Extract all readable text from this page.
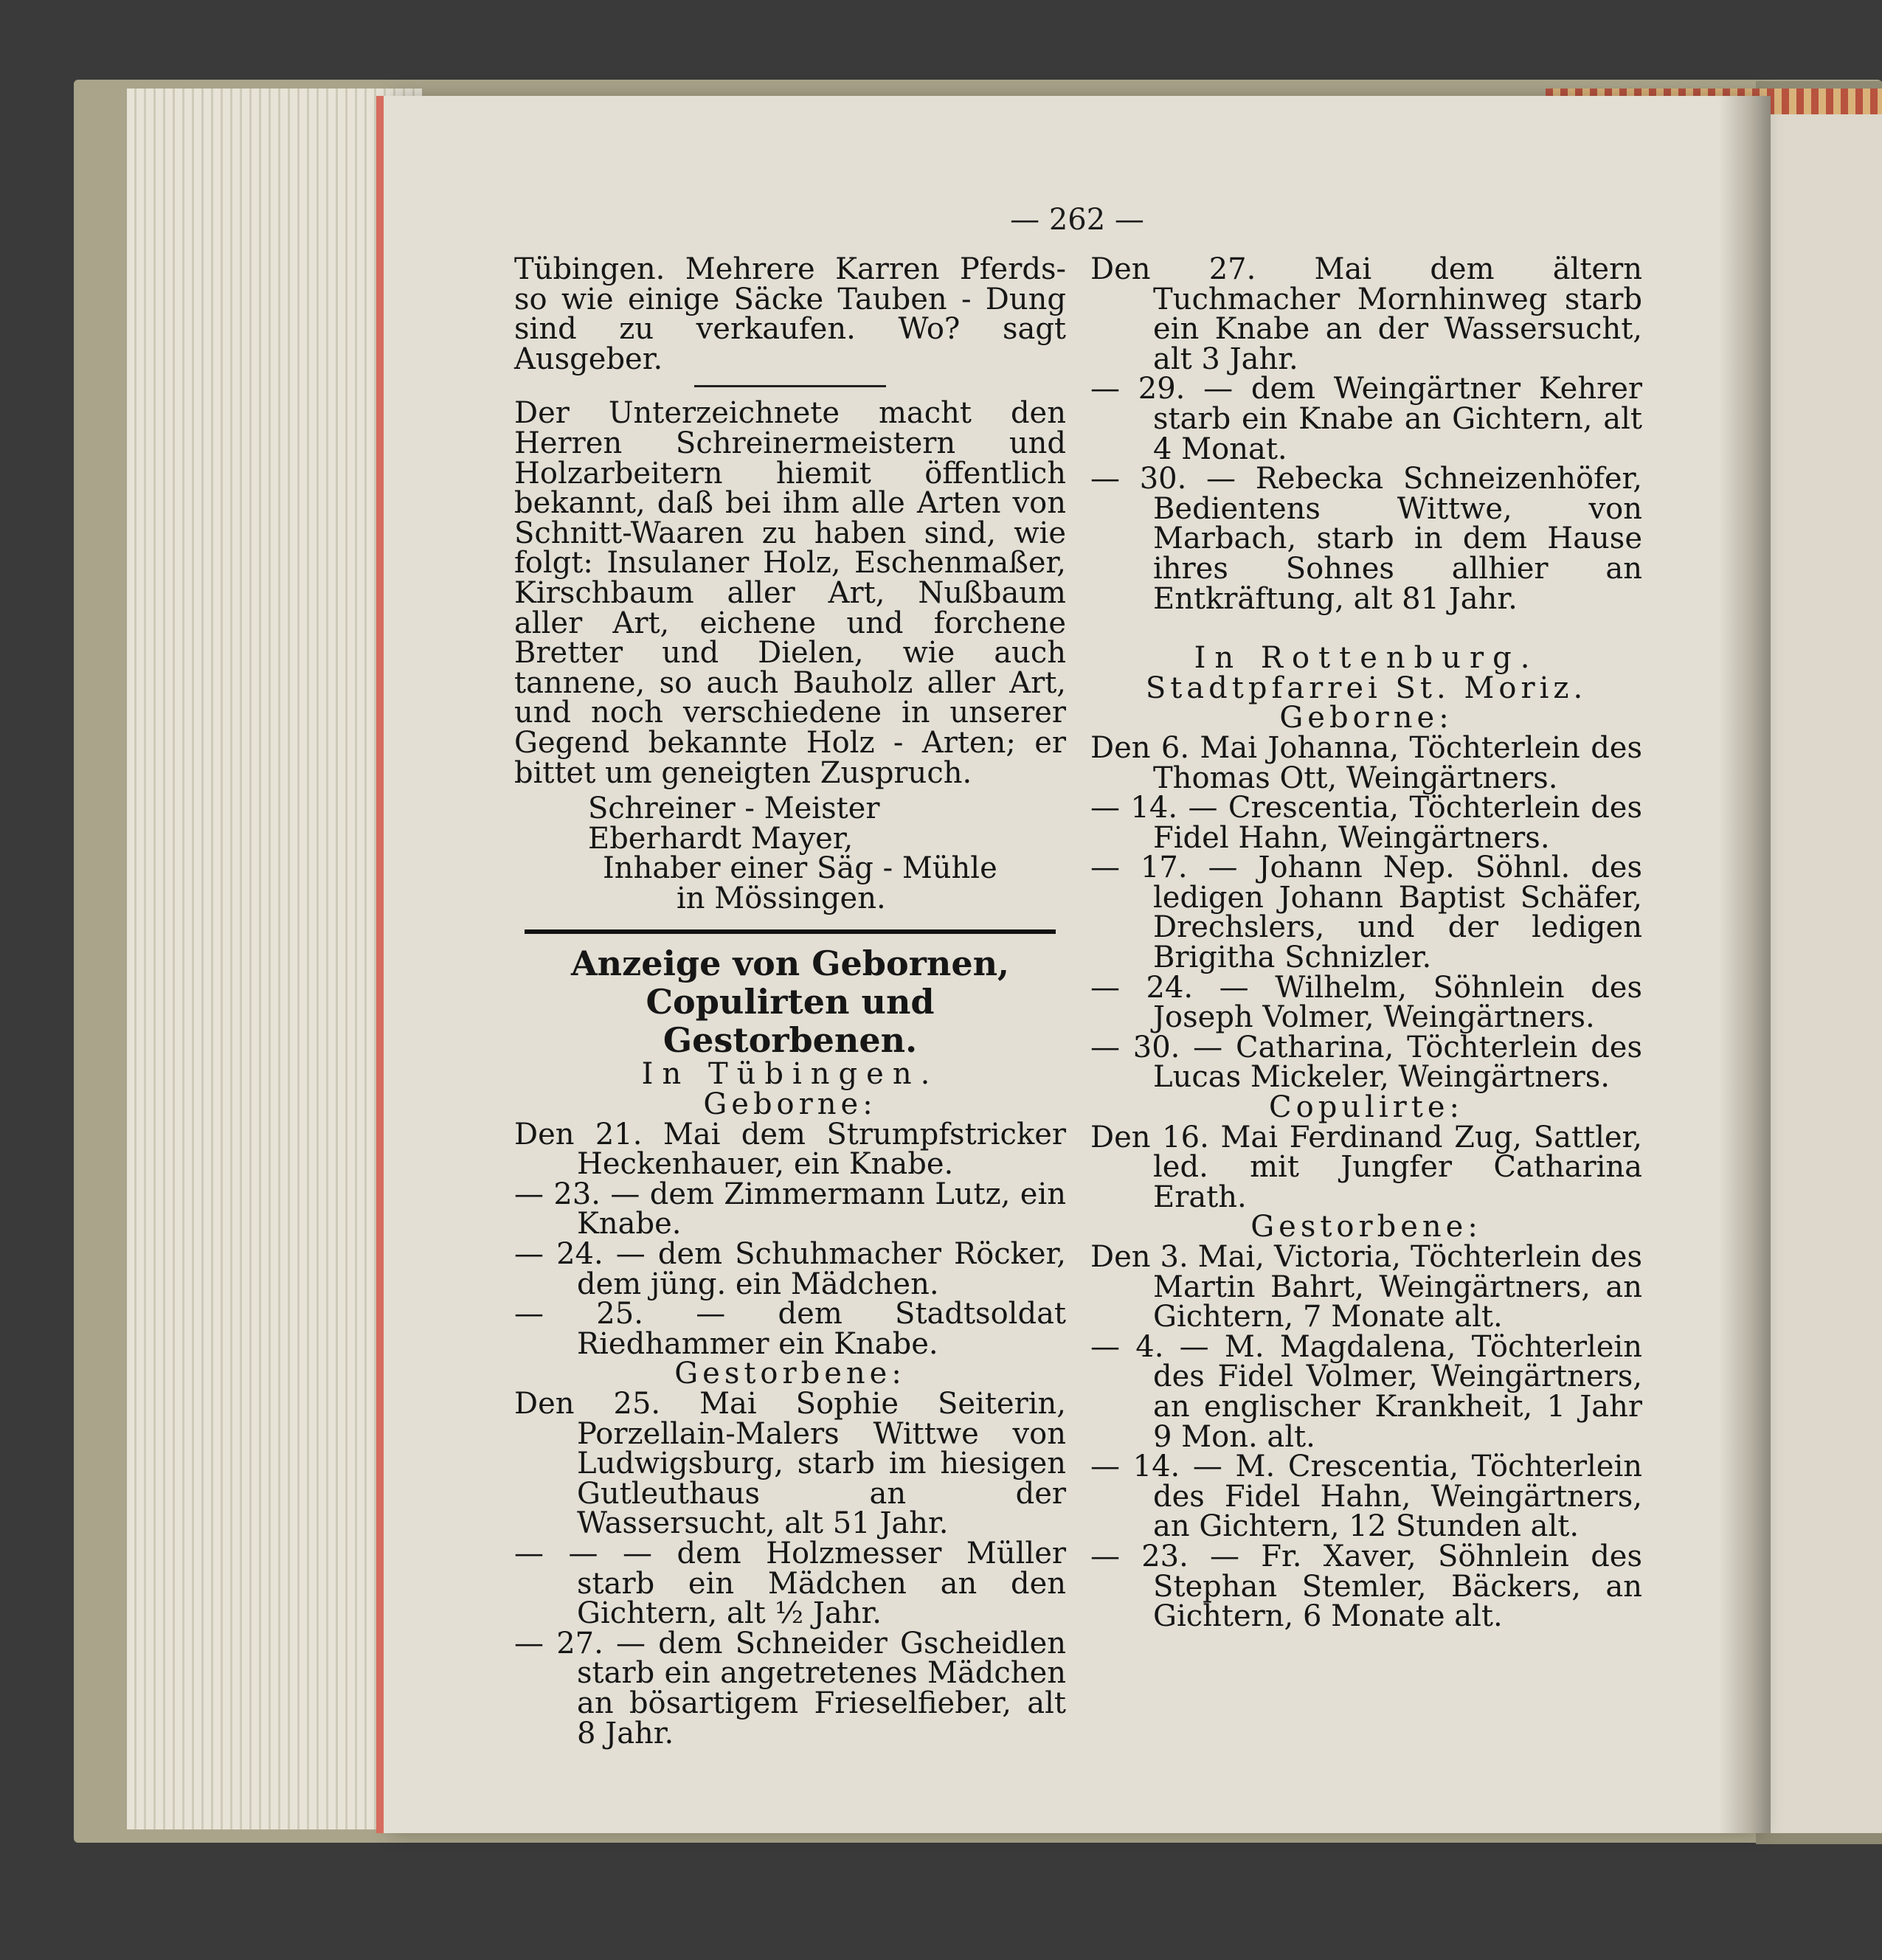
— 262 —

Tübingen. Mehrere Karren Pferds- so wie einige Säcke Tauben - Dung sind zu verkaufen. Wo? sagt Ausgeber.

Der Unterzeichnete macht den Herren Schreinermeistern und Holzarbeitern hiemit öffentlich bekannt, daß bei ihm alle Arten von Schnitt-Waaren zu haben sind, wie folgt: Insulaner Holz, Eschenmaßer, Kirschbaum aller Art, Nußbaum aller Art, eichene und forchene Bretter und Dielen, wie auch tannene, so auch Bauholz aller Art, und noch verschiedene in unserer Gegend bekannte Holz - Arten; er bittet um geneigten Zuspruch.

Schreiner - Meister

Eberhardt Mayer,

Inhaber einer Säg - Mühle

in Mössingen.

Anzeige von Gebornen, Copulirten und Gestorbenen.

In Tübingen.

Geborne:

Den 21. Mai dem Strumpfstricker Heckenhauer, ein Knabe.

— 23. — dem Zimmermann Lutz, ein Knabe.

— 24. — dem Schuhmacher Röcker, dem jüng. ein Mädchen.

— 25. — dem Stadtsoldat Riedhammer ein Knabe.

Gestorbene:

Den 25. Mai Sophie Seiterin, Porzellain-Malers Wittwe von Ludwigsburg, starb im hiesigen Gutleuthaus an der Wassersucht, alt 51 Jahr.

— — — dem Holzmesser Müller starb ein Mädchen an den Gichtern, alt ½ Jahr.

— 27. — dem Schneider Gscheidlen starb ein angetretenes Mädchen an bösartigem Frieselfieber, alt 8 Jahr.

Den 27. Mai dem ältern Tuchmacher Mornhinweg starb ein Knabe an der Wassersucht, alt 3 Jahr.

— 29. — dem Weingärtner Kehrer starb ein Knabe an Gichtern, alt 4 Monat.

— 30. — Rebecka Schneizenhöfer, Bedientens Wittwe, von Marbach, starb in dem Hause ihres Sohnes allhier an Entkräftung, alt 81 Jahr.

In Rottenburg.

Stadtpfarrei St. Moriz.

Geborne:

Den 6. Mai Johanna, Töchterlein des Thomas Ott, Weingärtners.

— 14. — Crescentia, Töchterlein des Fidel Hahn, Weingärtners.

— 17. — Johann Nep. Söhnl. des ledigen Johann Baptist Schäfer, Drechslers, und der ledigen Brigitha Schnizler.

— 24. — Wilhelm, Söhnlein des Joseph Volmer, Weingärtners.

— 30. — Catharina, Töchterlein des Lucas Mickeler, Weingärtners.

Copulirte:

Den 16. Mai Ferdinand Zug, Sattler, led. mit Jungfer Catharina Erath.

Gestorbene:

Den 3. Mai, Victoria, Töchterlein des Martin Bahrt, Weingärtners, an Gichtern, 7 Monate alt.

— 4. — M. Magdalena, Töchterlein des Fidel Volmer, Weingärtners, an englischer Krankheit, 1 Jahr 9 Mon. alt.

— 14. — M. Crescentia, Töchterlein des Fidel Hahn, Weingärtners, an Gichtern, 12 Stunden alt.

— 23. — Fr. Xaver, Söhnlein des Stephan Stemler, Bäckers, an Gichtern, 6 Monate alt.
